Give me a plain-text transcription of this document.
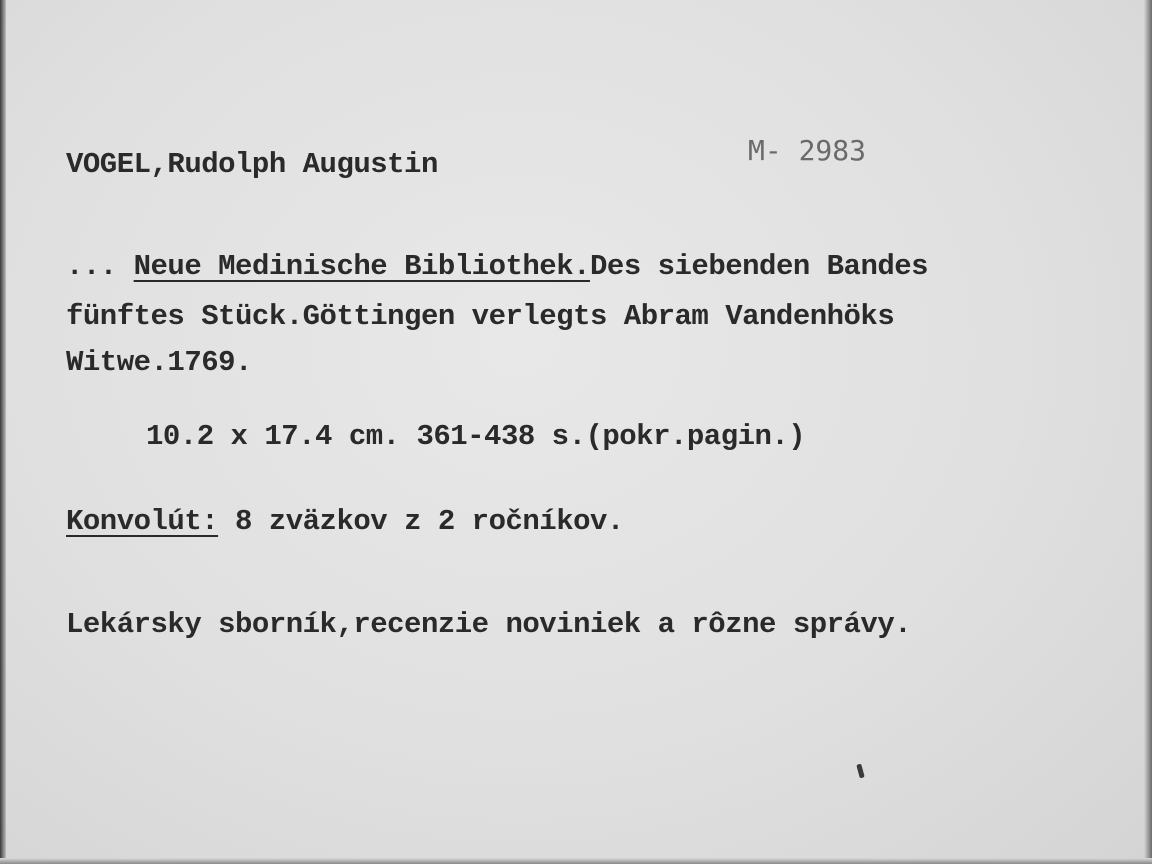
VOGEL,Rudolph Augustin	M- 2983
... Neue Medinische Bibliothek.Des siebenden Bandes
fünftes Stück.Göttingen verlegts Abram Vandenhöks
Witwe.1769.
10.2 x 17.4 cm. 361-438 s.(pokr.pagin.)
Konvolút: 8 zväzkov z 2 ročníkov.
Lekársky sborník,recenzie noviniek a rôzne správy.
